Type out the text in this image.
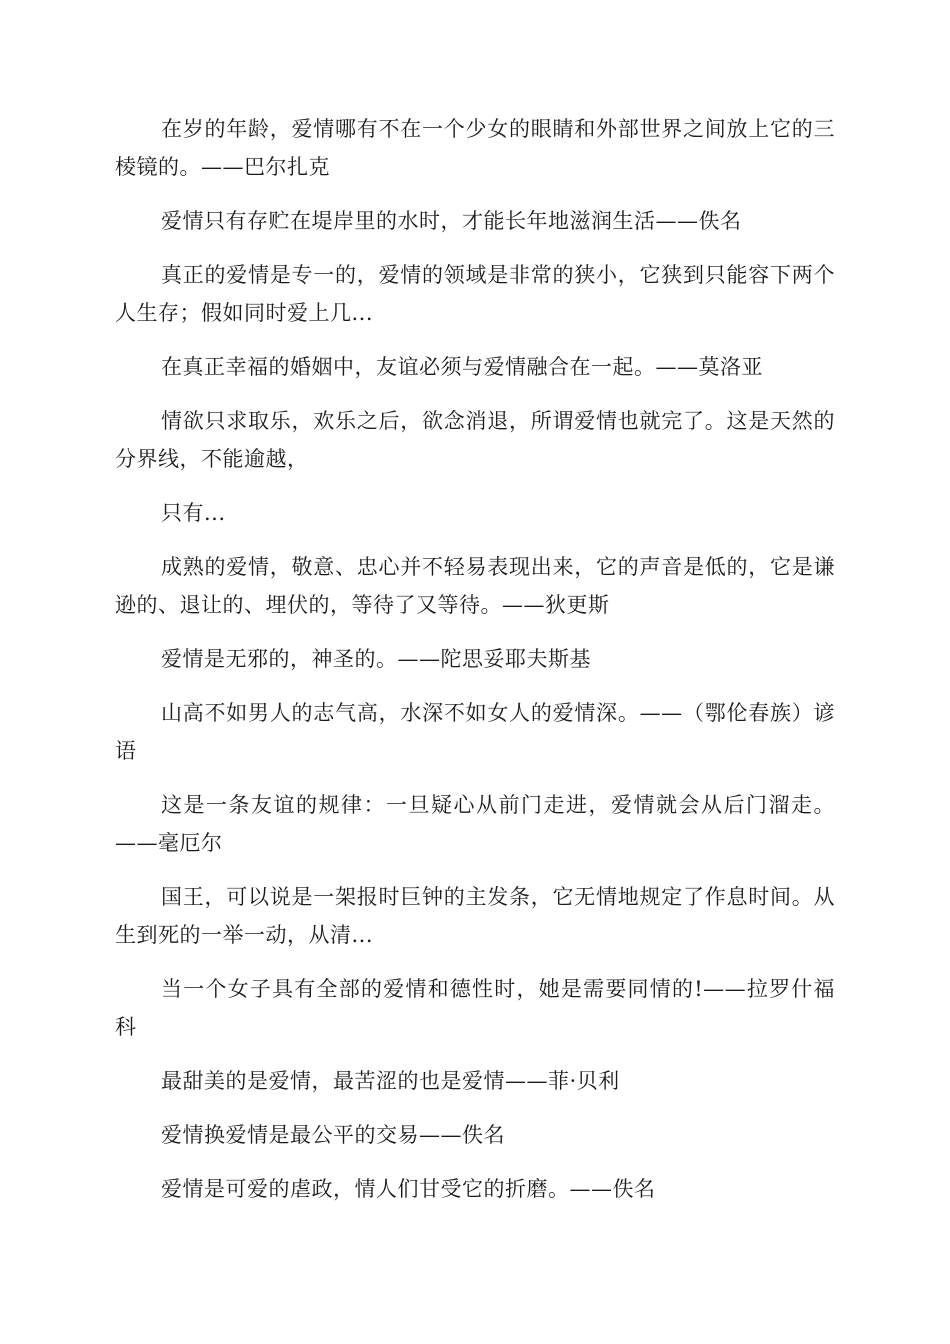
在岁的年龄，爱情哪有不在一个少女的眼睛和外部世界之间放上它的三棱镜的。——巴尔扎克

爱情只有存贮在堤岸里的水时，才能长年地滋润生活——佚名

真正的爱情是专一的，爱情的领域是非常的狭小，它狭到只能容下两个人生存；假如同时爱上几...

在真正幸福的婚姻中，友谊必须与爱情融合在一起。——莫洛亚

情欲只求取乐，欢乐之后，欲念消退，所谓爱情也就完了。这是天然的分界线，不能逾越，

只有...

成熟的爱情，敬意、忠心并不轻易表现出来，它的声音是低的，它是谦逊的、退让的、埋伏的，等待了又等待。——狄更斯

爱情是无邪的，神圣的。——陀思妥耶夫斯基

山高不如男人的志气高，水深不如女人的爱情深。——（鄂伦春族）谚语

这是一条友谊的规律：一旦疑心从前门走进，爱情就会从后门溜走。——毫厄尔

国王，可以说是一架报时巨钟的主发条，它无情地规定了作息时间。从生到死的一举一动，从清...

当一个女子具有全部的爱情和德性时，她是需要同情的!——拉罗什福科

最甜美的是爱情，最苦涩的也是爱情——菲·贝利

爱情换爱情是最公平的交易——佚名

爱情是可爱的虐政，情人们甘受它的折磨。——佚名
